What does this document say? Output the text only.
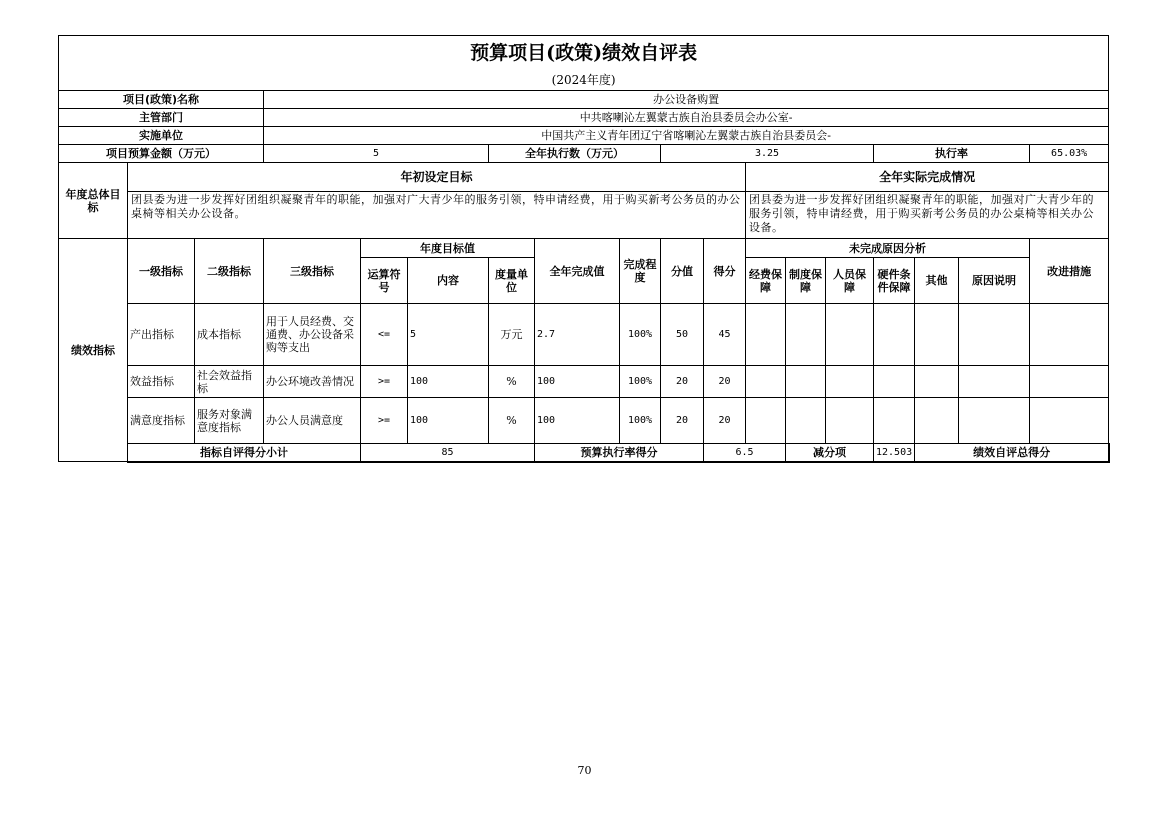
预算项目(政策)绩效自评表																		
(2024年度)																		
项目(政策)名称			办公设备购置															
主管部门			中共喀喇沁左翼蒙古族自治县委员会办公室-															
实施单位			中国共产主义青年团辽宁省喀喇沁左翼蒙古族自治县委员会-															
项目预算金额（万元）			5			全年执行数（万元）			3.25					执行率			65.03%	
年度总体目标	年初设定目标										全年实际完成情况							
	团县委为进一步发挥好团组织凝聚青年的职能，加强对广大青少年的服务引领，特申请经费，用于购买新考公务员的办公桌椅等相关办公设备。										团县委为进一步发挥好团组织凝聚青年的职能，加强对广大青少年的服务引领，特申请经费，用于购买新考公务员的办公桌椅等相关办公设备。							
绩效指标	一级指标	二级指标	三级指标	年度目标值			全年完成值	完成程度	分值	得分	未完成原因分析						改进措施	
				运算符号	内容	度量单位					经费保障	制度保障	人员保障	硬件条件保障	其他	原因说明		
	产出指标	成本指标	用于人员经费、交通费、办公设备采购等支出	<=	5	万元	2.7	100%	50	45								
	效益指标	社会效益指标	办公环境改善情况	>=	100	%	100	100%	20	20								
	满意度指标	服务对象满意度指标	办公人员满意度	>=	100	%	100	100%	20	20								
	指标自评得分小计			85			预算执行率得分			6.5		减分项		12.503	绩效自评总得分	
70
